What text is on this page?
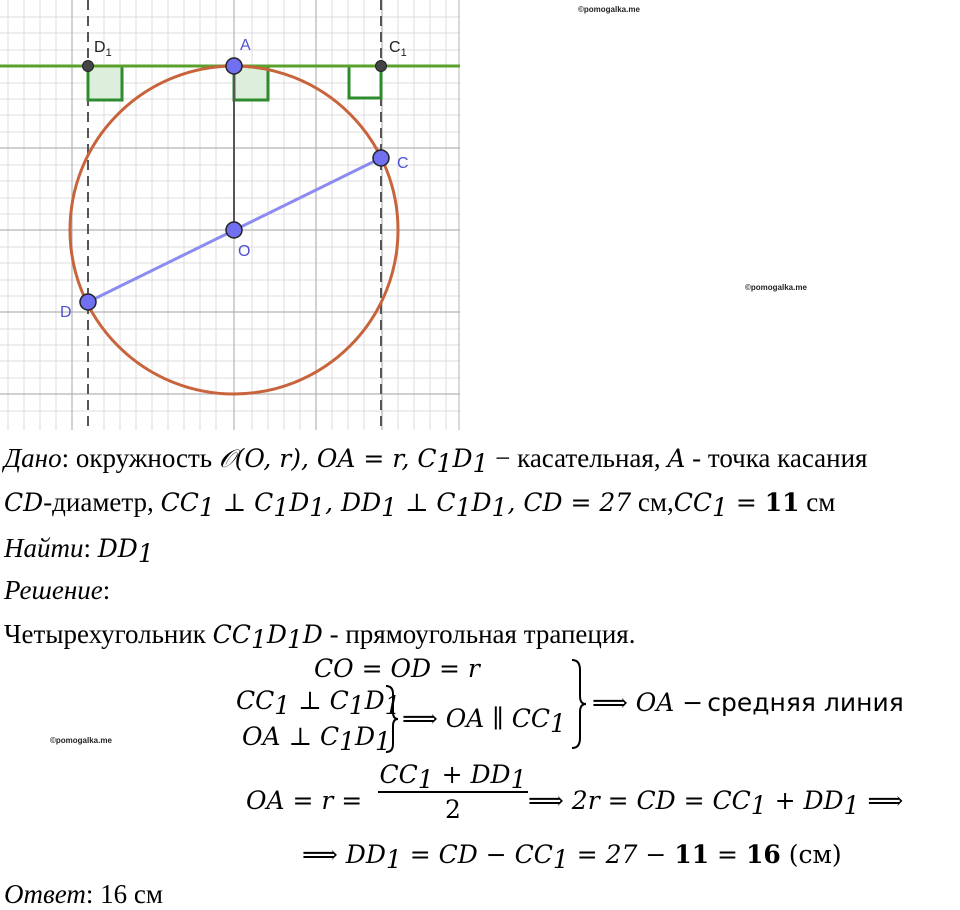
©pomogalka.me
©pomogalka.me
©pomogalka.me
$D_1$	A	$C_1$
C
O
D
Дано: окружность 𝒪(O, r), OA = r, $C_1D_1$ − касательная, A - точка касания
CD-диаметр, $CC_1$ ⊥ $C_1D_1$, $DD_1$ ⊥ $C_1D_1$, CD = 27 $см,CC_1 = 11$ см
Найти: $DD_1$
Решение:
Четырехугольник $CC_1D_1D$ - прямоугольная трапеция.
CO = OD = r
$CC_1$ ⊥ $C_1D_1$
OA ⊥ $C_1D_1$
⟹ OA ∥ $CC_1$
⟹ OA − средняя линия
OA = r =
$CC_1 + DD_1$
2	⟹ 2r = CD = $CC_1 + DD_1$ ⟹
⟹ $DD_1$ = CD − $CC_1 = 27 - 11 = 16$ (см)
Ответ: 16 см
